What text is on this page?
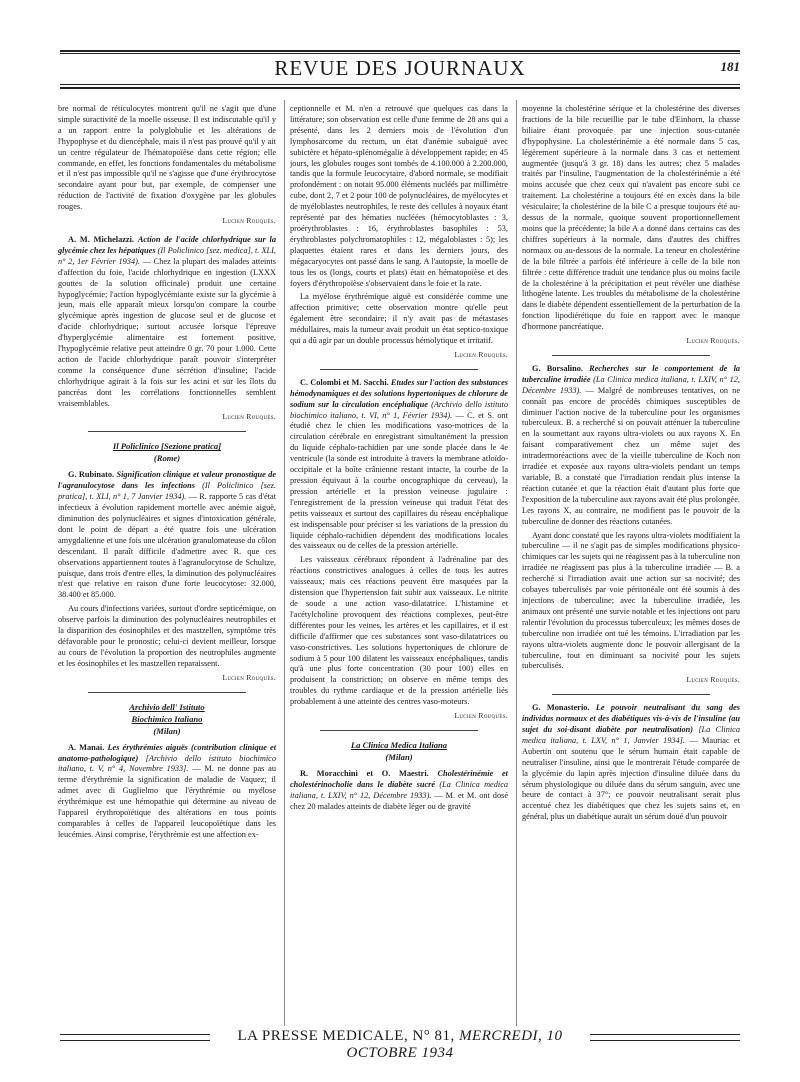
REVUE DES JOURNAUX	181

bre normal de réticulocytes montrent qu'il ne s'agit que d'une simple suractivité de la moelle osseuse. Il est indiscutable qu'il y a un rapport entre la polyglobulie et les altérations de l'hypophyse et du diencéphale, mais il n'est pas prouvé qu'il y ait un centre régulateur de l'hématopoïèse dans cette région; elle commande, en effet, les fonctions fondamentales du métabolisme et il n'est pas impossible qu'il ne s'agisse que d'une érythrocytose secondaire ayant pour but, par exemple, de compenser une réduction de l'activité de fixation d'oxygène par les globules rouges.

Lucien Rouquès.

A. M. Michelazzi. Action de l'acide chlorhydrique sur la glycémie chez les hépatiques (Il Policlinico [sez. medica], t. XLI, n° 2, 1er Février 1934). — Chez la plupart des malades atteints d'affection du foie, l'acide chlorhydrique en ingestion (LXXX gouttes de la solution officinale) produit une certaine hypoglycémie; l'action hypoglycémiante existe sur la glycémie à jeun, mais elle apparaît mieux lorsqu'on compare la courbe glycémique après ingestion de glucose seul et de glucose et d'acide chlorhydrique; surtout accusée lorsque l'épreuve d'hyperglycémie alimentaire est fortement positive, l'hypoglycémie relative peut atteindre 0 gr. 70 pour 1.000. Cette action de l'acide chlorhydrique paraît pouvoir s'interpréter comme la conséquence d'une sécrétion d'insuline; l'acide chlorhydrique agirait à la fois sur les acini et sur les îlots du pancréas dont les corrélations fonctionnelles semblent vraisemblables.

Lucien Rouquès.
Il Policlinico [Sezione pratica]
(Rome)

G. Rubinato. Signification clinique et valeur pronostique de l'agranulocytose dans les infections (Il Policlinico [sez. pratica], t. XLI, n° 1, 7 Janvier 1934). — R. rapporte 5 cas d'état infectieux à évolution rapidement mortelle avec anémie aiguë, diminution des polynucléaires et signes d'intoxication générale, dont le point de départ a été quatre fois une ulcération amygdalienne et une fois une ulcération granulomateuse du côlon descendant. Il paraît difficile d'admettre avec R. que ces observations appartiennent toutes à l'agranulocytose de Schultze, puisque, dans trois d'entre elles, la diminution des polynucléaires n'est que relative en raison d'une forte leucocytose: 32.000, 38.400 et 85.000.

Au cours d'infections variées, surtout d'ordre septicémique, on observe parfois la diminution des polynucléaires neutrophiles et la disparition des éosinophiles et des mastzellen, symptôme très défavorable pour le pronostic; celui-ci devient meilleur, lorsque au cours de l'évolution la proportion des neutrophiles augmente et les éosinophiles et les mastzellen reparaissent.

Lucien Rouquès.
Archivio dell' Istituto
Biochimico Italiano
(Milan)

A. Manai. Les érythrémies aiguës (contribution clinique et anatomo-pathologique) [Archivio dello istituto biochimico italiano, t. V, n° 4, Novembre 1933]. — M. ne donne pas au terme d'érythrémie la signification de maladie de Vaquez; il admet avec di Guglielmo que l'érythrémie ou myélose érythrémique est une hémopathie qui détermine au niveau de l'appareil érythropoïétique des altérations en tous points comparables à celles de l'appareil leucopoïétique dans les leucémies. Ainsi comprise, l'érythrémie est une affection ex-

ceptionnelle et M. n'en a retrouvé que quelques cas dans la littérature; son observation est celle d'une femme de 28 ans qui a présenté, dans les 2 derniers mois de l'évolution d'un lymphosarcome du rectum, un état d'anémie subaiguë avec subictère et hépato-splénomégalie à développement rapide; en 45 jours, les globules rouges sont tombés de 4.100.000 à 2.200.000, tandis que la formule leucocytaire, d'abord normale, se modifiait profondément : on notait 95.000 éléments nucléés par millimètre cube, dont 2, 7 et 2 pour 100 de polynucléaires, de myélocytes et de myéloblastes neutrophiles, le reste des cellules à noyaux étant représenté par des hématies nucléées (hémocytoblastes : 3, proérythroblastes : 16, érythroblastes basophiles : 53, érythroblastes polychromatophiles : 12, mégaloblastes : 5); les plaquettes étaient rares et dans les derniers jours, des mégacaryocytes ont passé dans le sang. A l'autopsie, la moelle de tous les os (longs, courts et plats) était en hématopoïèse et des foyers d'érythropoïèse s'observaient dans le foie et la rate.

La myélose érythrémique aiguë est considérée comme une affection primitive; cette observation montre qu'elle peut également être secondaire; il n'y avait pas de métastases médullaires, mais la tumeur avait produit un état septico-toxique qui a dû agir par un double processus hémolytique et irritatif.

Lucien Rouquès.

C. Colombi et M. Sacchi. Etudes sur l'action des substances hémodynamiques et des solutions hypertoniques de chlorure de sodium sur la circulation encéphalique (Archivio dello istituto biochimico italiano, t. VI, n° 1, Février 1934). — C. et S. ont étudié chez le chien les modifications vaso-motrices de la circulation cérébrale en enregistrant simultanément la pression du liquide céphalo-rachidien par une sonde placée dans le 4e ventricule (la sonde est introduite à travers la membrane atloïdo-occipitale et la boîte crânienne restant intacte, la courbe de la pression équivaut à la courbe oncographique du cerveau), la pression artérielle et la pression veineuse jugulaire : l'enregistrement de la pression veineuse qui traduit l'état des petits vaisseaux et surtout des capillaires du réseau encéphalique est indispensable pour préciser si les variations de la pression du liquide céphalo-rachidien dépendent des modifications locales des vaisseaux ou de celles de la pression artérielle.

Les vaisseaux cérébraux répondent à l'adrénaline par des réactions constrictives analogues à celles de tous les autres vaisseaux; mais ces réactions peuvent être masquées par la distension que l'hypertension fait subir aux vaisseaux. Le nitrite de soude a une action vaso-dilatatrice. L'histamine et l'acétylcholine provoquent des réactions complexes, peut-être différentes pour les veines, les artères et les capillaires, et il est difficile d'affirmer que ces substances sont vaso-dilatatrices ou vaso-constrictives. Les solutions hypertoniques de chlorure de sodium à 5 pour 100 dilatent les vaisseaux encéphaliques, tandis qu'à une plus forte concentration (30 pour 100) elles en produisent la constriction; on observe en même temps des troubles du rythme cardiaque et de la pression artérielle liés probablement à une atteinte des centres vaso-moteurs.

Lucien Rouquès.
La Clinica Medica Italiana
(Milan)

R. Moracchini et O. Maestri. Cholestérinémie et cholestérinocholie dans le diabète sucré (La Clinica medica italiana, t. LXIV, n° 12, Décembre 1933). — M. et M. ont dosé chez 20 malades atteints de diabète léger ou de gravité

moyenne la cholestérine sérique et la cholestérine des diverses fractions de la bile recueillie par le tube d'Einhorn, la chasse biliaire étant provoquée par une injection sous-cutanée d'hypophysine. La cholestérinémie a été normale dans 5 cas, légèrement supérieure à la normale dans 3 cas et nettement augmentée (jusqu'à 3 gr. 18) dans les autres; chez 5 malades traités par l'insuline, l'augmentation de la cholestérinémie a été moins accusée que chez ceux qui n'avaient pas encore subi ce traitement. La cholestérine a toujours été en excès dans la bile vésiculaire; la cholestérine de la bile C a presque toujours été au-dessus de la normale, quoique souvent proportionnellement moins que la précédente; la bile A a donné dans certains cas des chiffres supérieurs à la normale, dans d'autres des chiffres normaux ou au-dessous de la normale. La teneur en cholestérine de la bile filtrée a parfois été inférieure à celle de la bile non filtrée : cette différence traduit une tendance plus ou moins facile de la cholestérine à la précipitation et peut révéler une diathèse lithogène latente. Les troubles du métabolisme de la cholestérine dans le diabète dépendent essentiellement de la perturbation de la fonction lipodiérétique du foie en rapport avec le manque d'hormone pancréatique.

Lucien Rouquès.

G. Borsalino. Recherches sur le comportement de la tuberculine irradiée (La Clinica medica italiana, t. LXIV, n° 12, Décembre 1933). — Malgré de nombreuses tentatives, on ne connaît pas encore de procédés chimiques susceptibles de diminuer l'action nocive de la tuberculine pour les organismes tuberculeux. B. a recherché si on pouvait atténuer la tuberculine en la soumettant aux rayons ultra-violets ou aux rayons X. En faisant comparativement chez un même sujet des intradermoréactions avec de la vieille tuberculine de Koch non irradiée et exposée aux rayons ultra-violets pendant un temps variable, B. a constaté que l'irradiation rendait plus intense la réaction cutanée et que la réaction était d'autant plus forte que l'exposition de la tuberculine aux rayons avait été plus prolongée. Les rayons X, au contraire, ne modifient pas le pouvoir de la tuberculine de donner des réactions cutanées.

Ayant donc constaté que les rayons ultra-violets modifiaient la tuberculine — il ne s'agit pas de simples modifications physico-chimiques car les sujets qui ne réagissent pas à la tuberculine non irradiée ne réagissent pas plus à la tuberculine irradiée — B. a recherché si l'irradiation avait une action sur sa nocivité; des cobayes tuberculisés par voie péritonéale ont été soumis à des injections de tuberculine; avec la tuberculine irradiée, les animaux ont présenté une survie notable et les injections ont paru ralentir l'évolution du processus tuberculeux; les mêmes doses de tuberculine non irradiée ont tué les témoins. L'irradiation par les rayons ultra-violets augmente donc le pouvoir allergisant de la tuberculine, tout en diminuant sa nocivité pour les sujets tuberculisés.

Lucien Rouquès.

G. Monasterio. Le pouvoir neutralisant du sang des individus normaux et des diabétiques vis-à-vis de l'insuline (au sujet du soi-disant diabète par neutralisation) [La Clinica medica italiana, t. LXV, n° 1, Janvier 1934]. — Mauriac et Aubertin ont soutenu que le sérum humain était capable de neutraliser l'insuline, ainsi que le montrerait l'étude comparée de la glycémie du lapin après injection d'insuline diluée dans du sérum physiologique ou diluée dans du sérum sanguin, avec une heure de contact à 37°; ce pouvoir neutralisant serait plus accentué chez les diabétiques que chez les sujets sains et, en général, plus un diabétique aurait un sérum doué d'un pouvoir

LA PRESSE MEDICALE, N° 81, MERCREDI, 10 OCTOBRE 1934
